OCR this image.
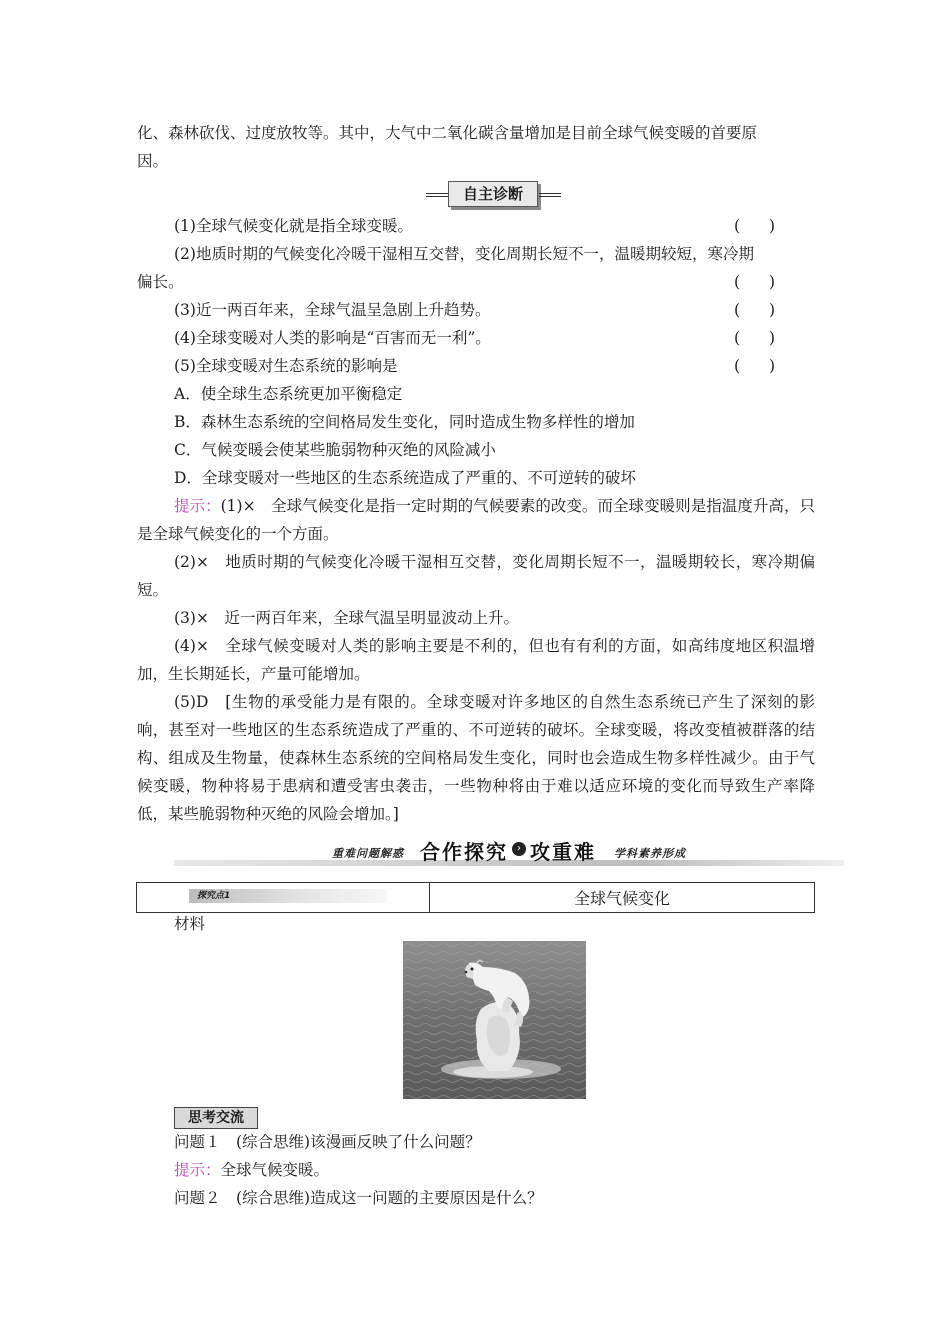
化、森林砍伐、过度放牧等。其中，大气中二氧化碳含量增加是目前全球气候变暖的首要原

因。

自主诊断
(1)全球气候变化就是指全球变暖。	( )
(2)地质时期的气候变化冷暖干湿相互交替，变化周期长短不一，温暖期较短，寒冷期
偏长。	( )
(3)近一两百年来，全球气温呈急剧上升趋势。	( )
(4)全球变暖对人类的影响是“百害而无一利”。	( )
(5)全球变暖对生态系统的影响是	( )
A．使全球生态系统更加平衡稳定
B．森林生态系统的空间格局发生变化，同时造成生物多样性的增加
C．气候变暖会使某些脆弱物种灭绝的风险减小
D．全球变暖对一些地区的生态系统造成了严重的、不可逆转的破坏

提示：(1)×　全球气候变化是指一定时期的气候要素的改变。而全球变暖则是指温度升高，只是全球气候变化的一个方面。

(2)×　地质时期的气候变化冷暖干湿相互交替，变化周期长短不一，温暖期较长，寒冷期偏短。

(3)×　近一两百年来，全球气温呈明显波动上升。

(4)×　全球气候变暖对人类的影响主要是不利的，但也有有利的方面，如高纬度地区积温增加，生长期延长，产量可能增加。

(5)D　[生物的承受能力是有限的。全球变暖对许多地区的自然生态系统已产生了深刻的影响，甚至对一些地区的生态系统造成了严重的、不可逆转的破坏。全球变暖，将改变植被群落的结构、组成及生物量，使森林生态系统的空间格局发生变化，同时也会造成生物多样性减少。由于气候变暖，物种将易于患病和遭受害虫袭击，一些物种将由于难以适应环境的变化而导致生产率降低，某些脆弱物种灭绝的风险会增加。]

重难问题解惑 合作探究 › 攻重难 学科素养形成
探究点1	全球气候变化
材料
思考交流
问题１　(综合思维)该漫画反映了什么问题？
提示：全球气候变暖。
问题２　(综合思维)造成这一问题的主要原因是什么？
